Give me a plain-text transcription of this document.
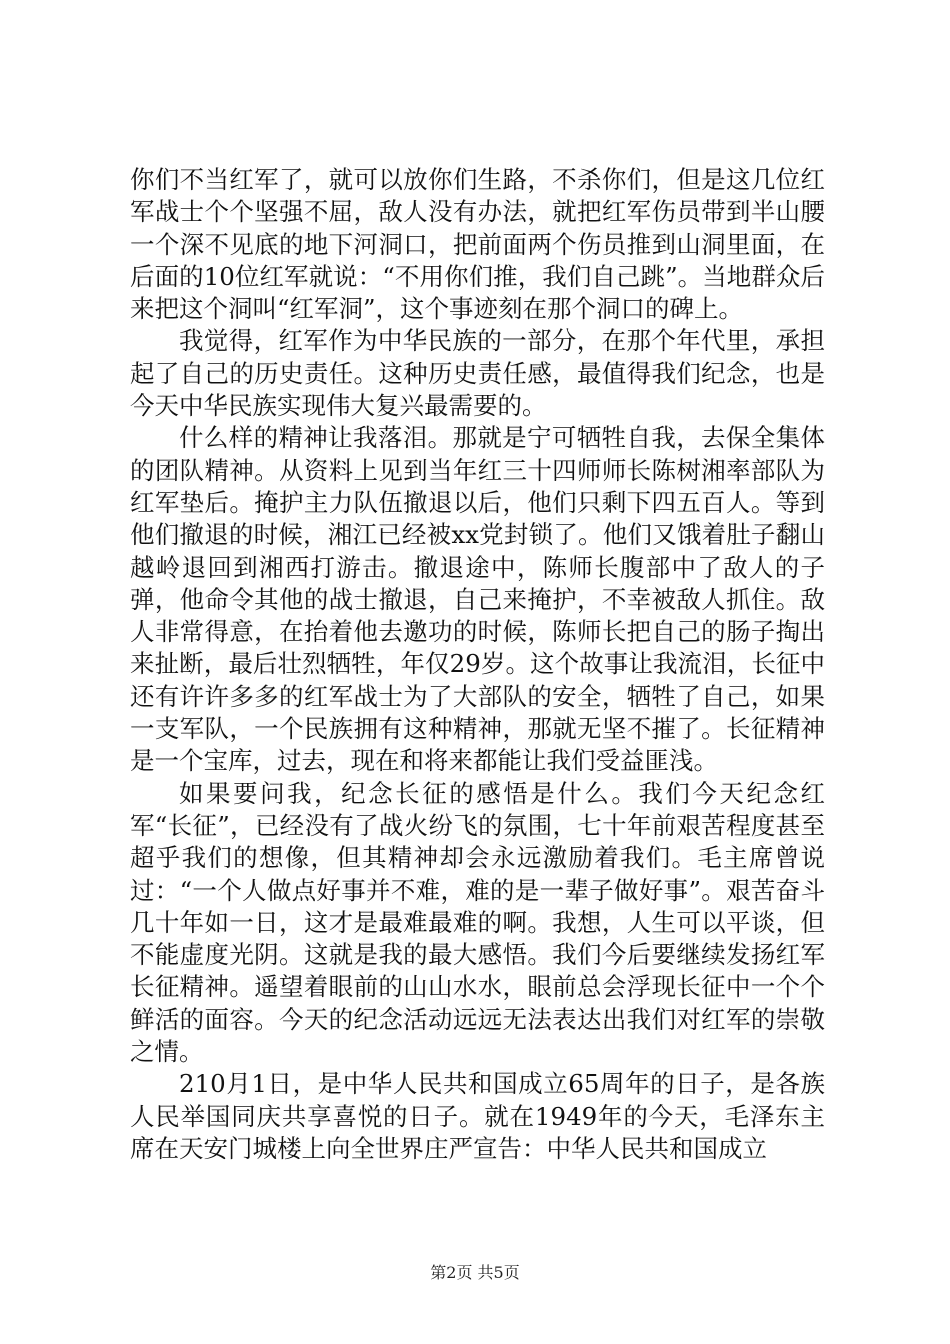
你们不当红军了，就可以放你们生路，不杀你们，但是这几位红军战士个个坚强不屈，敌人没有办法，就把红军伤员带到半山腰一个深不见底的地下河洞口，把前面两个伤员推到山洞里面，在后面的10位红军就说：“不用你们推，我们自己跳”。当地群众后来把这个洞叫“红军洞”，这个事迹刻在那个洞口的碑上。

我觉得，红军作为中华民族的一部分，在那个年代里，承担起了自己的历史责任。这种历史责任感，最值得我们纪念，也是今天中华民族实现伟大复兴最需要的。

什么样的精神让我落泪。那就是宁可牺牲自我，去保全集体的团队精神。从资料上见到当年红三十四师师长陈树湘率部队为红军垫后。掩护主力队伍撤退以后，他们只剩下四五百人。等到他们撤退的时候，湘江已经被xx党封锁了。他们又饿着肚子翻山越岭退回到湘西打游击。撤退途中，陈师长腹部中了敌人的子弹，他命令其他的战士撤退，自己来掩护，不幸被敌人抓住。敌人非常得意，在抬着他去邀功的时候，陈师长把自己的肠子掏出来扯断，最后壮烈牺牲，年仅29岁。这个故事让我流泪，长征中还有许许多多的红军战士为了大部队的安全，牺牲了自己，如果一支军队，一个民族拥有这种精神，那就无坚不摧了。长征精神是一个宝库，过去，现在和将来都能让我们受益匪浅。

如果要问我，纪念长征的感悟是什么。我们今天纪念红军“长征”，已经没有了战火纷飞的氛围，七十年前艰苦程度甚至超乎我们的想像，但其精神却会永远激励着我们。毛主席曾说过：“一个人做点好事并不难，难的是一辈子做好事”。艰苦奋斗几十年如一日，这才是最难最难的啊。我想，人生可以平谈，但不能虚度光阴。这就是我的最大感悟。我们今后要继续发扬红军长征精神。遥望着眼前的山山水水，眼前总会浮现长征中一个个鲜活的面容。今天的纪念活动远远无法表达出我们对红军的崇敬之情。

210月1日，是中华人民共和国成立65周年的日子，是各族人民举国同庆共享喜悦的日子。就在1949年的今天，毛泽东主席在天安门城楼上向全世界庄严宣告：中华人民共和国成立

第2页 共5页
